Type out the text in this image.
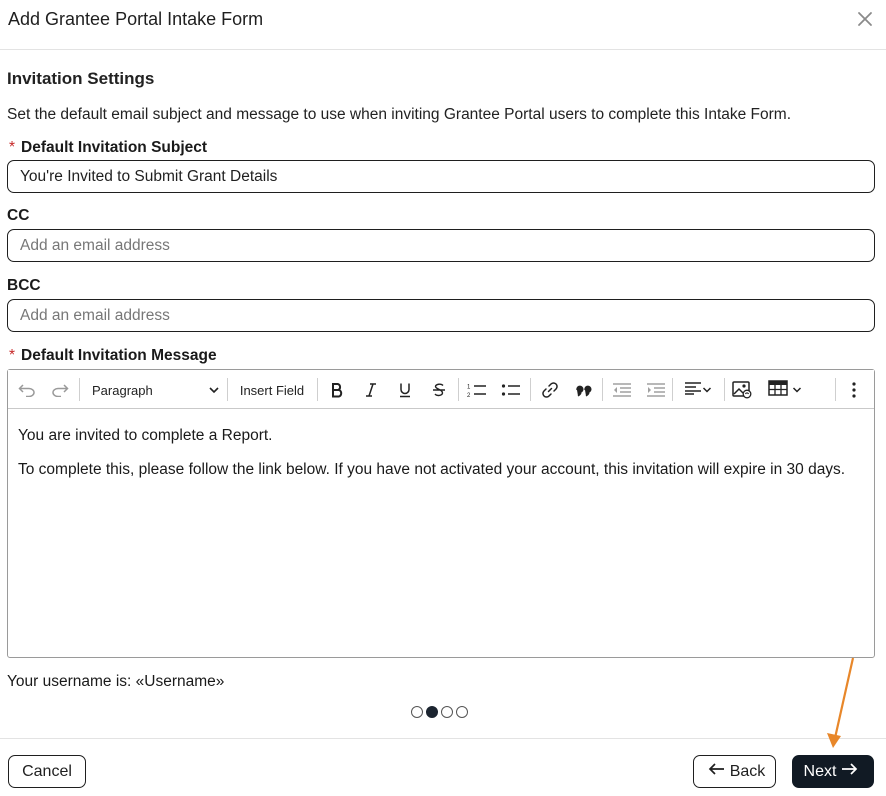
Add Grantee Portal Intake Form
Invitation Settings
Set the default email subject and message to use when inviting Grantee Portal users to complete this Intake Form.
* Default Invitation Subject
You're Invited to Submit Grant Details
CC
Add an email address
BCC
Add an email address
* Default Invitation Message
Paragraph	Insert Field	1
2

You are invited to complete a Report.

To complete this, please follow the link below. If you have not activated your account, this invitation will expire in 30 days.

Your username is: «Username»
Cancel	Back Next
